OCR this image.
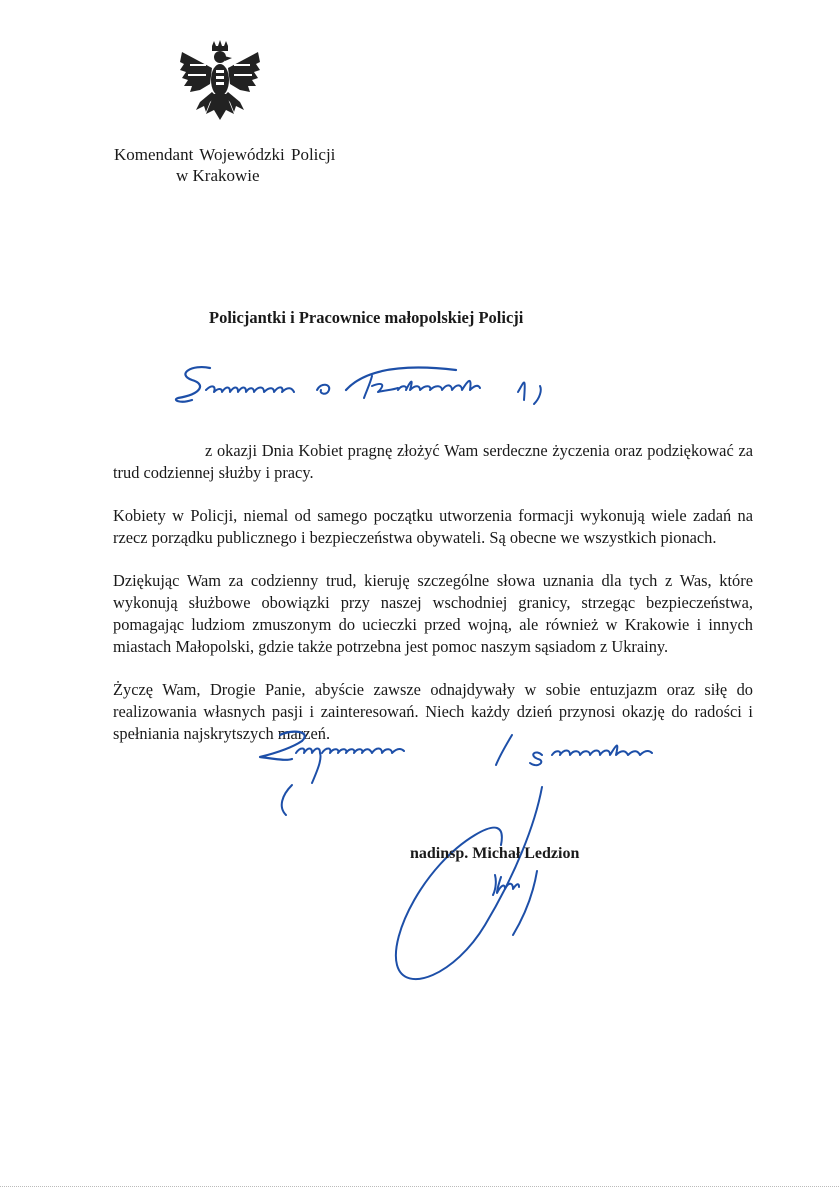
Komendant Wojewódzki Policji
w Krakowie
Policjantki i Pracownice małopolskiej Policji

z okazji Dnia Kobiet pragnę złożyć Wam serdeczne życzenia oraz podziękować za trud codziennej służby i pracy.

Kobiety w Policji, niemal od samego początku utworzenia formacji wykonują wiele zadań na rzecz porządku publicznego i bezpieczeństwa obywateli. Są obecne we wszystkich pionach.

Dziękując Wam za codzienny trud, kieruję szczególne słowa uznania dla tych z Was, które wykonują służbowe obowiązki przy naszej wschodniej granicy, strzegąc bezpieczeństwa, pomagając ludziom zmuszonym do ucieczki przed wojną, ale również w Krakowie i innych miastach Małopolski, gdzie także potrzebna jest pomoc naszym sąsiadom z Ukrainy.

Życzę Wam, Drogie Panie, abyście zawsze odnajdywały w sobie entuzjazm oraz siłę do realizowania własnych pasji i zainteresowań. Niech każdy dzień przynosi okazję do radości i spełniania najskrytszych marzeń.

nadinsp. Michał Ledzion
